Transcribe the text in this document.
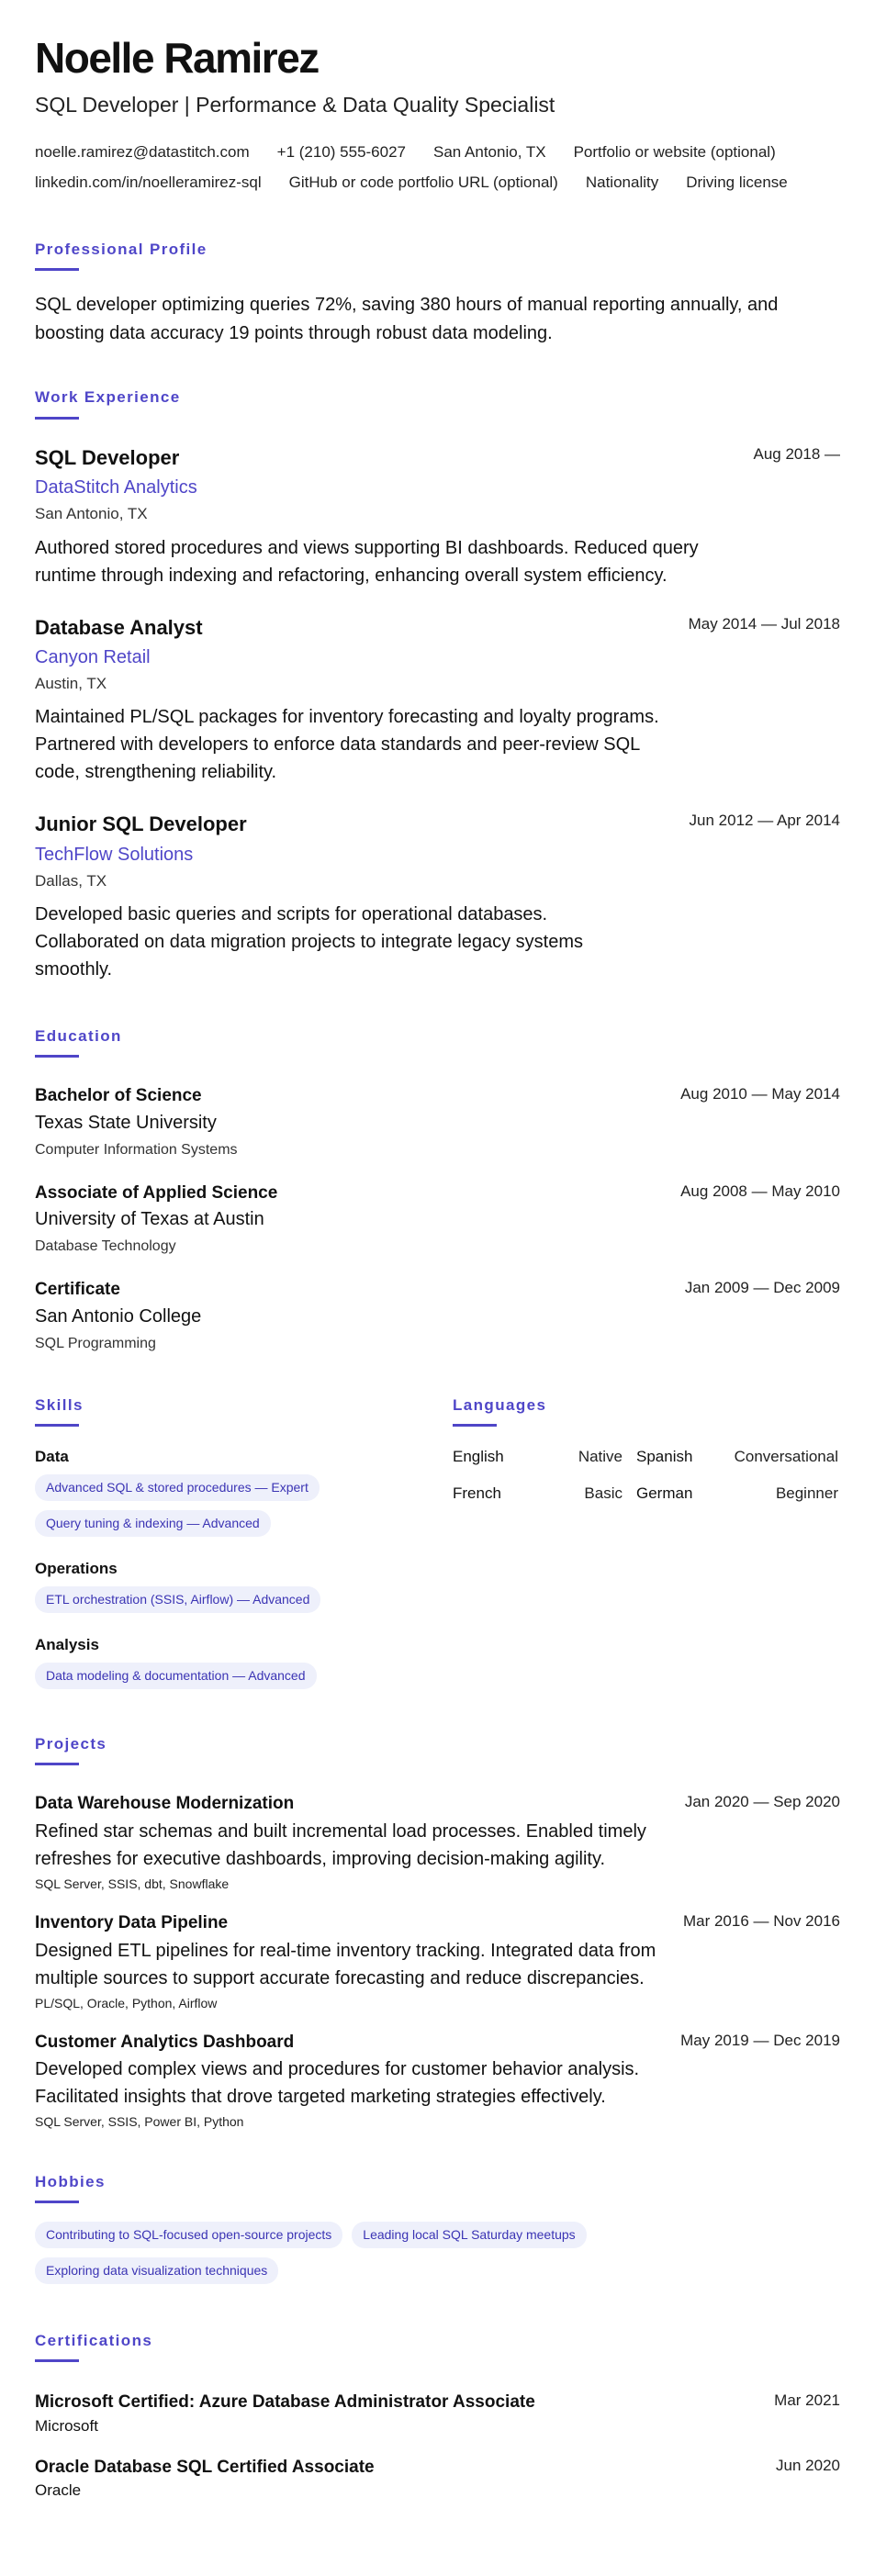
Noelle Ramirez
SQL Developer | Performance & Data Quality Specialist
noelle.ramirez@datastitch.com +1 (210) 555-6027 San Antonio, TX Portfolio or website (optional)
linkedin.com/in/noelleramirez-sql GitHub or code portfolio URL (optional) Nationality Driving license
Professional Profile
SQL developer optimizing queries 72%, saving 380 hours of manual reporting annually, and boosting data accuracy 19 points through robust data modeling.
Work Experience
SQL Developer	Aug 2018 —
DataStitch Analytics
San Antonio, TX
Authored stored procedures and views supporting BI dashboards. Reduced query runtime through indexing and refactoring, enhancing overall system efficiency.
Database Analyst	May 2014 — Jul 2018
Canyon Retail
Austin, TX
Maintained PL/SQL packages for inventory forecasting and loyalty programs. Partnered with developers to enforce data standards and peer-review SQL code, strengthening reliability.
Junior SQL Developer	Jun 2012 — Apr 2014
TechFlow Solutions
Dallas, TX
Developed basic queries and scripts for operational databases. Collaborated on data migration projects to integrate legacy systems smoothly.
Education
Bachelor of Science	Aug 2010 — May 2014
Texas State University
Computer Information Systems
Associate of Applied Science	Aug 2008 — May 2010
University of Texas at Austin
Database Technology
Certificate	Jan 2009 — Dec 2009
San Antonio College
SQL Programming
Skills
Data
Advanced SQL & stored procedures — Expert
Query tuning & indexing — Advanced
Operations
ETL orchestration (SSIS, Airflow) — Advanced
Analysis
Data modeling & documentation — Advanced
Languages
English	Native Spanish	Conversational
French	Basic German	Beginner
Projects
Data Warehouse Modernization	Jan 2020 — Sep 2020
Refined star schemas and built incremental load processes. Enabled timely refreshes for executive dashboards, improving decision-making agility.
SQL Server, SSIS, dbt, Snowflake
Inventory Data Pipeline	Mar 2016 — Nov 2016
Designed ETL pipelines for real-time inventory tracking. Integrated data from multiple sources to support accurate forecasting and reduce discrepancies.
PL/SQL, Oracle, Python, Airflow
Customer Analytics Dashboard	May 2019 — Dec 2019
Developed complex views and procedures for customer behavior analysis. Facilitated insights that drove targeted marketing strategies effectively.
SQL Server, SSIS, Power BI, Python
Hobbies
Contributing to SQL-focused open-source projects Leading local SQL Saturday meetups
Exploring data visualization techniques
Certifications
Microsoft Certified: Azure Database Administrator Associate	Mar 2021
Microsoft
Oracle Database SQL Certified Associate	Jun 2020
Oracle
